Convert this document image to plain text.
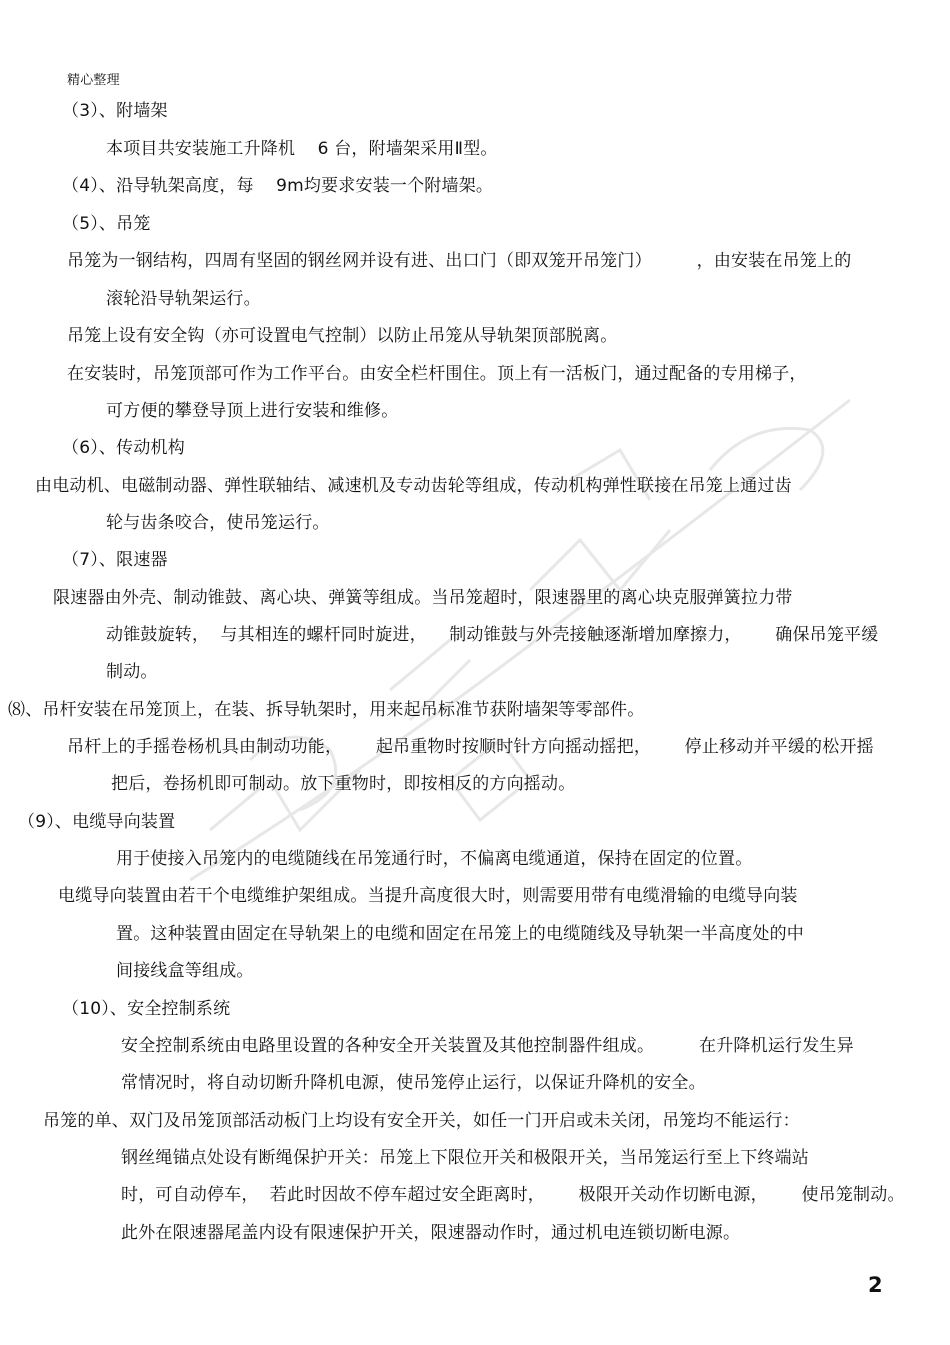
精心整理
（3）、附墙架
本项目共安装施工升降机    6 台，附墙架采用Ⅱ型。
（4）、沿导轨架高度，每    9m均要求安装一个附墙架。
（5）、吊笼
吊笼为一钢结构，四周有坚固的钢丝网并设有进、出口门（即双笼开吊笼门）        ，由安装在吊笼上的
滚轮沿导轨架运行。
吊笼上设有安全钩（亦可设置电气控制）以防止吊笼从导轨架顶部脱离。
在安装时，吊笼顶部可作为工作平台。由安全栏杆围住。顶上有一活板门，通过配备的专用梯子，
可方便的攀登导顶上进行安装和维修。
（6）、传动机构
由电动机、电磁制动器、弹性联轴结、减速机及专动齿轮等组成，传动机构弹性联接在吊笼上通过齿
轮与齿条咬合，使吊笼运行。
（7）、限速器
限速器由外壳、制动锥鼓、离心块、弹簧等组成。当吊笼超时，限速器里的离心块克服弹簧拉力带
动锥鼓旋转，  与其相连的螺杆同时旋进，    制动锥鼓与外壳接触逐渐增加摩擦力，      确保吊笼平缓
制动。
⑻、吊杆安装在吊笼顶上，在装、拆导轨架时，用来起吊标准节获附墙架等零部件。
吊杆上的手摇卷杨机具由制动功能，      起吊重物时按顺时针方向摇动摇把，      停止移动并平缓的松开摇
把后，卷扬机即可制动。放下重物时，即按相反的方向摇动。
（9）、电缆导向装置
用于使接入吊笼内的电缆随线在吊笼通行时，不偏离电缆通道，保持在固定的位置。
电缆导向装置由若干个电缆维护架组成。当提升高度很大时，则需要用带有电缆滑输的电缆导向装
置。这种装置由固定在导轨架上的电缆和固定在吊笼上的电缆随线及导轨架一半高度处的中
间接线盒等组成。
（10）、安全控制系统
安全控制系统由电路里设置的各种安全开关装置及其他控制器件组成。        在升降机运行发生异
常情况时，将自动切断升降机电源，使吊笼停止运行，以保证升降机的安全。
吊笼的单、双门及吊笼顶部活动板门上均设有安全开关，如任一门开启或未关闭，吊笼均不能运行：
钢丝绳锚点处设有断绳保护开关：吊笼上下限位开关和极限开关，当吊笼运行至上下终端站
时，可自动停车，  若此时因故不停车超过安全距离时，      极限开关动作切断电源，      使吊笼制动。
此外在限速器尾盖内设有限速保护开关，限速器动作时，通过机电连锁切断电源。
2
